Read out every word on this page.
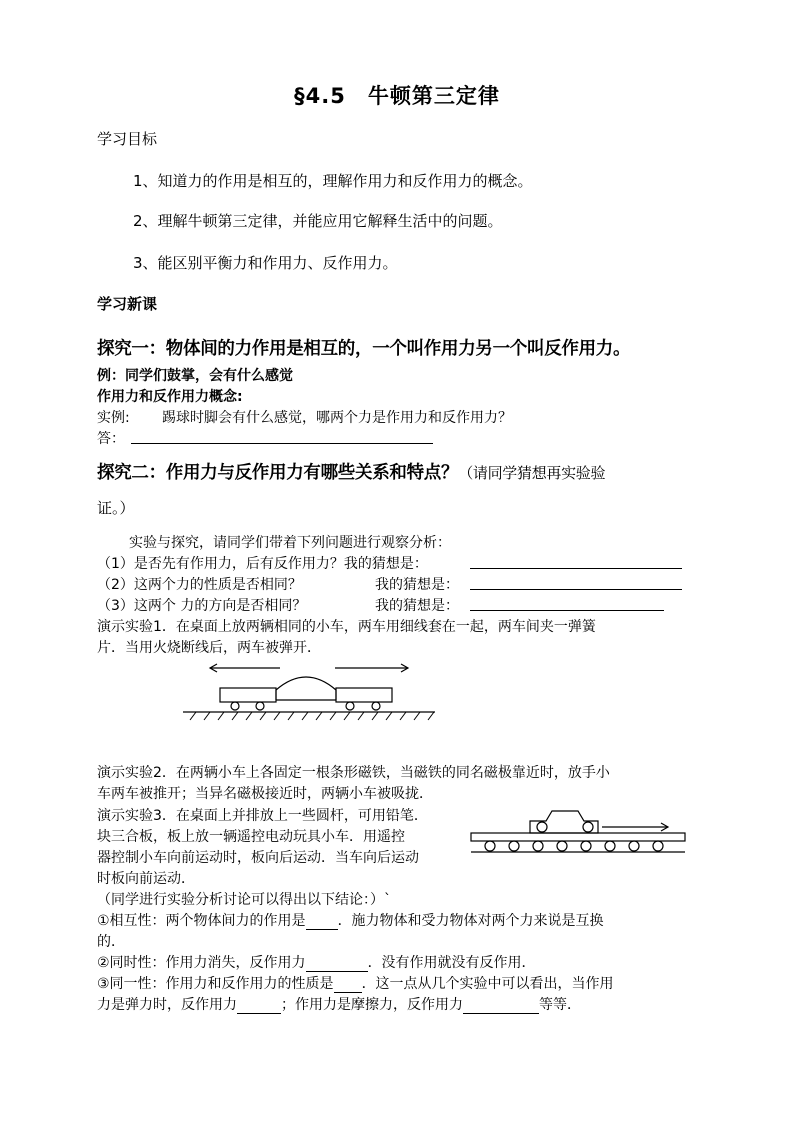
§4.5　牛顿第三定律
学习目标
1、知道力的作用是相互的，理解作用力和反作用力的概念。
2、理解牛顿第三定律，并能应用它解释生活中的问题。
3、能区别平衡力和作用力、反作用力。
学习新课
探究一：物体间的力作用是相互的，一个叫作用力另一个叫反作用力。
例：同学们鼓掌，会有什么感觉
作用力和反作用力概念:
实例: 踢球时脚会有什么感觉，哪两个力是作用力和反作用力？
答：
探究二：作用力与反作用力有哪些关系和特点？（请同学猜想再实验验
证。）
实验与探究，请同学们带着下列问题进行观察分析：
（1）是否先有作用力，后有反作用力？我的猜想是：
（2）这两个力的性质是否相同？	我的猜想是：
（3）这两个 力的方向是否相同？	我的猜想是：
演示实验1．在桌面上放两辆相同的小车，两车用细线套在一起，两车间夹一弹簧
片．当用火烧断线后，两车被弹开．
演示实验2．在两辆小车上各固定一根条形磁铁，当磁铁的同名磁极靠近时，放手小
车两车被推开；当异名磁极接近时，两辆小车被吸拢．
演示实验3．在桌面上并排放上一些圆杆，可用铅笔．
块三合板，板上放一辆遥控电动玩具小车．用遥控
器控制小车向前运动时，板向后运动．当车向后运动
时板向前运动．
（同学进行实验分析讨论可以得出以下结论：）`
①相互性：两个物体间力的作用是 ．施力物体和受力物体对两个力来说是互换
的．
②同时性：作用力消失，反作用力	．没有作用就没有反作用．
③同一性：作用力和反作用力的性质是 ．这一点从几个实验中可以看出，当作用
力是弹力时，反作用力	；作用力是摩擦力，反作用力	等等．
